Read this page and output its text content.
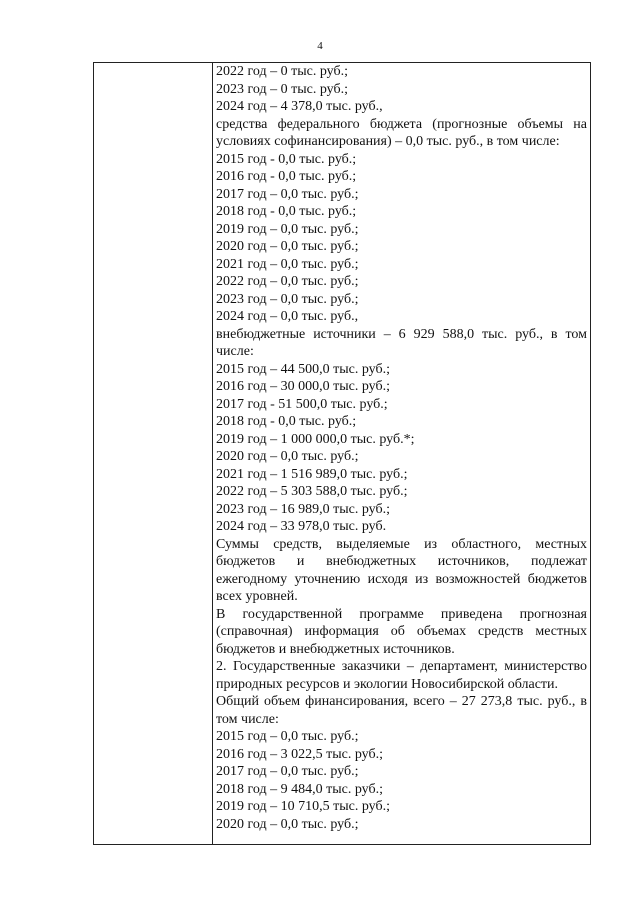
4
2022 год – 0 тыс. руб.;
2023 год – 0 тыс. руб.;
2024 год – 4 378,0 тыс. руб.,
средства федерального бюджета (прогнозные объемы на условиях софинансирования) – 0,0 тыс. руб., в том числе:
2015 год - 0,0 тыс. руб.;
2016 год - 0,0 тыс. руб.;
2017 год – 0,0 тыс. руб.;
2018 год - 0,0 тыс. руб.;
2019 год – 0,0 тыс. руб.;
2020 год – 0,0 тыс. руб.;
2021 год – 0,0 тыс. руб.;
2022 год – 0,0 тыс. руб.;
2023 год – 0,0 тыс. руб.;
2024 год – 0,0 тыс. руб.,
внебюджетные источники – 6 929 588,0 тыс. руб., в том числе:
2015 год – 44 500,0 тыс. руб.;
2016 год – 30 000,0 тыс. руб.;
2017 год - 51 500,0 тыс. руб.;
2018 год - 0,0 тыс. руб.;
2019 год – 1 000 000,0 тыс. руб.*;
2020 год – 0,0 тыс. руб.;
2021 год – 1 516 989,0 тыс. руб.;
2022 год – 5 303 588,0 тыс. руб.;
2023 год – 16 989,0 тыс. руб.;
2024 год – 33 978,0 тыс. руб.
Суммы средств, выделяемые из областного, местных бюджетов и внебюджетных источников, подлежат ежегодному уточнению исходя из возможностей бюджетов всех уровней.
В государственной программе приведена прогнозная (справочная) информация об объемах средств местных бюджетов и внебюджетных источников.
2. Государственные заказчики – департамент, министерство природных ресурсов и экологии Новосибирской области.
Общий объем финансирования, всего – 27 273,8 тыс. руб., в том числе:
2015 год – 0,0 тыс. руб.;
2016 год – 3 022,5 тыс. руб.;
2017 год – 0,0 тыс. руб.;
2018 год – 9 484,0 тыс. руб.;
2019 год – 10 710,5 тыс. руб.;
2020 год – 0,0 тыс. руб.;
